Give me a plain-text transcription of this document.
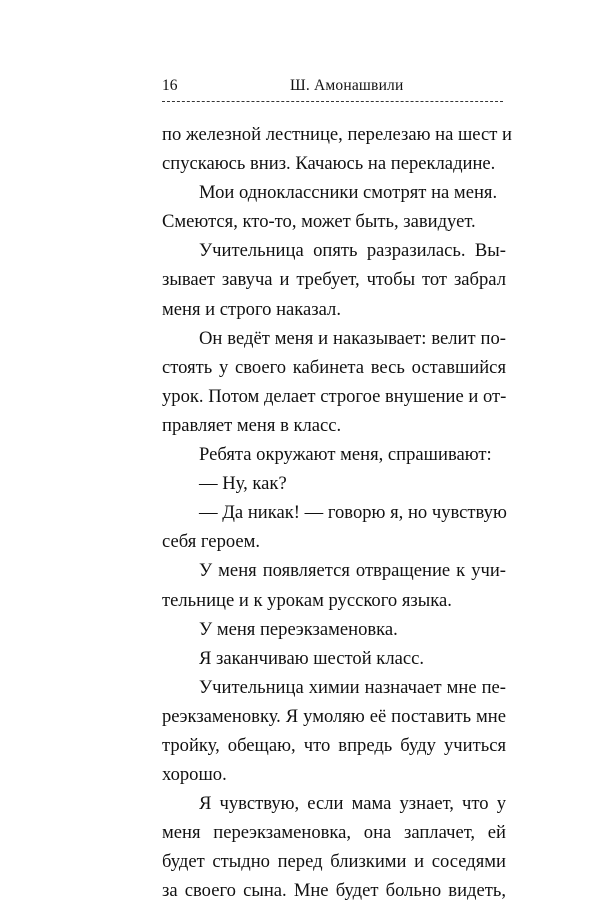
16	Ш. Амонашвили
по железной лестнице, перелезаю на шест и
спускаюсь вниз. Качаюсь на перекладине.
Мои одноклассники смотрят на меня.
Смеются, кто-то, может быть, завидует.
Учительница опять разразилась. Вы-
зывает завуча и требует, чтобы тот забрал
меня и строго наказал.
Он ведёт меня и наказывает: велит по-
стоять у своего кабинета весь оставшийся
урок. Потом делает строгое внушение и от-
правляет меня в класс.
Ребята окружают меня, спрашивают:
— Ну, как?
— Да никак! — говорю я, но чувствую
себя героем.
У меня появляется отвращение к учи-
тельнице и к урокам русского языка.
У меня переэкзаменовка.
Я заканчиваю шестой класс.
Учительница химии назначает мне пе-
реэкзаменовку. Я умоляю её поставить мне
тройку, обещаю, что впредь буду учиться
хорошо.
Я чувствую, если мама узнает, что у
меня переэкзаменовка, она заплачет, ей
будет стыдно перед близкими и соседями
за своего сына. Мне будет больно видеть,
